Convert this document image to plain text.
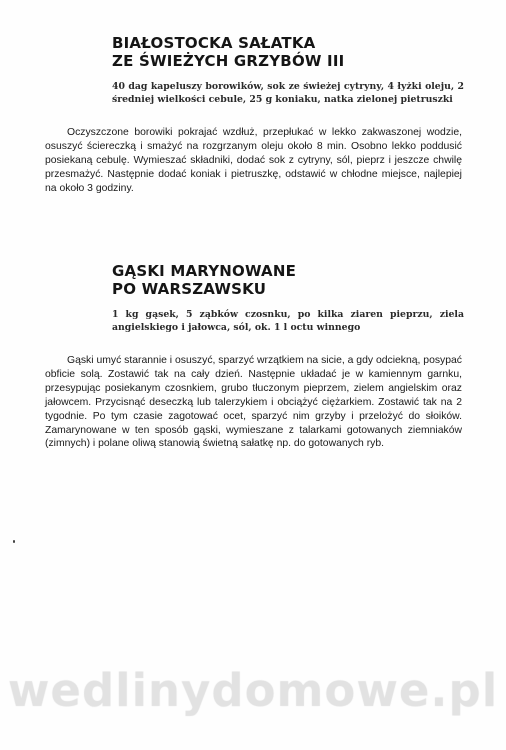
BIAŁOSTOCKA SAŁATKA
ZE ŚWIEŻYCH GRZYBÓW III
40 dag kapeluszy borowików, sok ze świeżej cytryny, 4 łyżki oleju, 2 średniej wielkości cebule, 25 g koniaku, natka zielonej pietruszki

Oczyszczone borowiki pokrajać wzdłuż, przepłukać w lekko zakwaszonej wodzie, osuszyć ściereczką i smażyć na rozgrzanym oleju około 8 min. Osobno lekko poddusić posiekaną cebulę. Wymieszać składniki, dodać sok z cytryny, sól, pieprz i jeszcze chwilę przesmażyć. Następnie dodać koniak i pietruszkę, odstawić w chłodne miejsce, najlepiej na około 3 godziny.

GĄSKI MARYNOWANE
PO WARSZAWSKU
1 kg gąsek, 5 ząbków czosnku, po kilka ziaren pieprzu, ziela angielskiego i jałowca, sól, ok. 1 l octu winnego

Gąski umyć starannie i osuszyć, sparzyć wrzątkiem na sicie, a gdy odciekną, posypać obficie solą. Zostawić tak na cały dzień. Następnie układać je w kamiennym garnku, przesypując posiekanym czosnkiem, grubo tłuczonym pieprzem, zielem angielskim oraz jałowcem. Przycisnąć deseczką lub talerzykiem i obciążyć ciężarkiem. Zostawić tak na 2 tygodnie. Po tym czasie zagotować ocet, sparzyć nim grzyby i przelożyć do słoików. Zamarynowane w ten sposób gąski, wymieszane z talarkami gotowanych ziemniaków (zimnych) i polane oliwą stanowią świetną sałatkę np. do gotowanych ryb.

wedlinydomowe.pl
